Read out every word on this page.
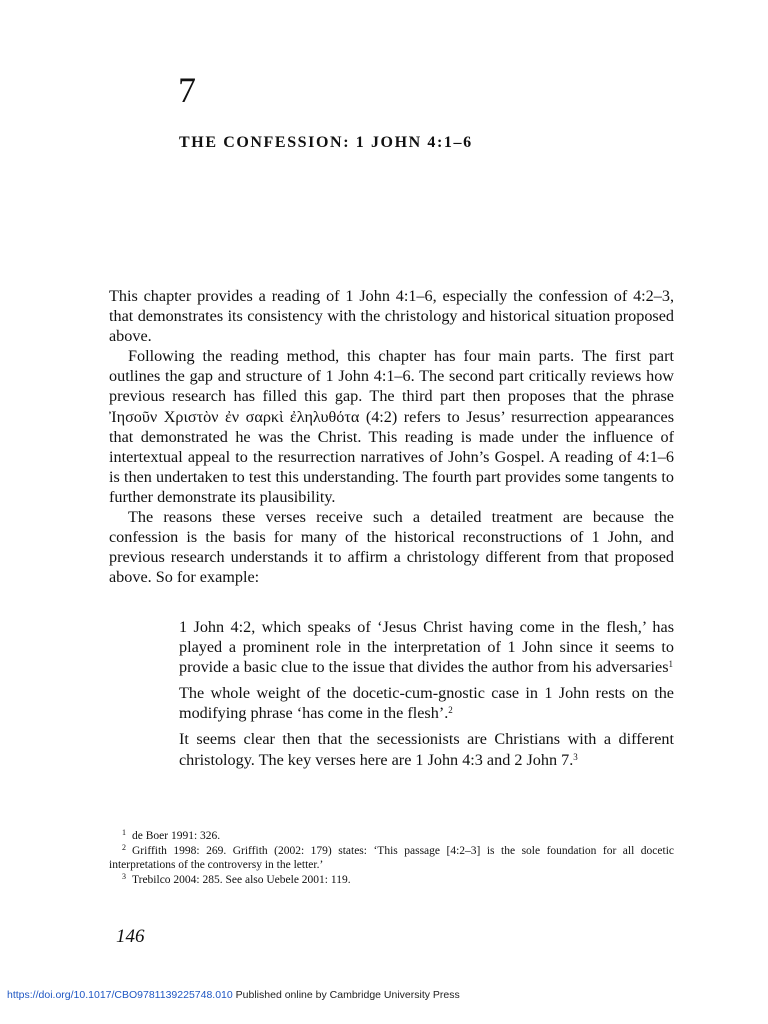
7
THE CONFESSION: 1 JOHN 4:1–6

This chapter provides a reading of 1 John 4:1–6, especially the confession of 4:2–3, that demonstrates its consistency with the christology and historical situation proposed above.

Following the reading method, this chapter has four main parts. The first part outlines the gap and structure of 1 John 4:1–6. The second part critically reviews how previous research has filled this gap. The third part then proposes that the phrase Ἰησοῦν Χριστὸν ἐν σαρκὶ ἐληλυθότα (4:2) refers to Jesus’ resurrection appearances that demonstrated he was the Christ. This reading is made under the influence of intertextual appeal to the resurrection narratives of John’s Gospel. A reading of 4:1–6 is then undertaken to test this understanding. The fourth part provides some tangents to further demonstrate its plausibility.

The reasons these verses receive such a detailed treatment are because the confession is the basis for many of the historical reconstructions of 1 John, and previous research understands it to affirm a christology different from that proposed above. So for example:

1 John 4:2, which speaks of ‘Jesus Christ having come in the flesh,’ has played a prominent role in the interpretation of 1 John since it seems to provide a basic clue to the issue that divides the author from his adversaries$^1$

The whole weight of the docetic-cum-gnostic case in 1 John rests on the modifying phrase ‘has come in the flesh’.$^2$

It seems clear then that the secessionists are Christians with a different christology. The key verses here are 1 John 4:3 and 2 John 7.$^3$

$^1$ de Boer 1991: 326.

$^2$ Griffith 1998: 269. Griffith (2002: 179) states: ‘This passage [4:2–3] is the sole foundation for all docetic interpretations of the controversy in the letter.’

$^3$ Trebilco 2004: 285. See also Uebele 2001: 119.

146
https://doi.org/10.1017/CBO9781139225748.010 Published online by Cambridge University Press
